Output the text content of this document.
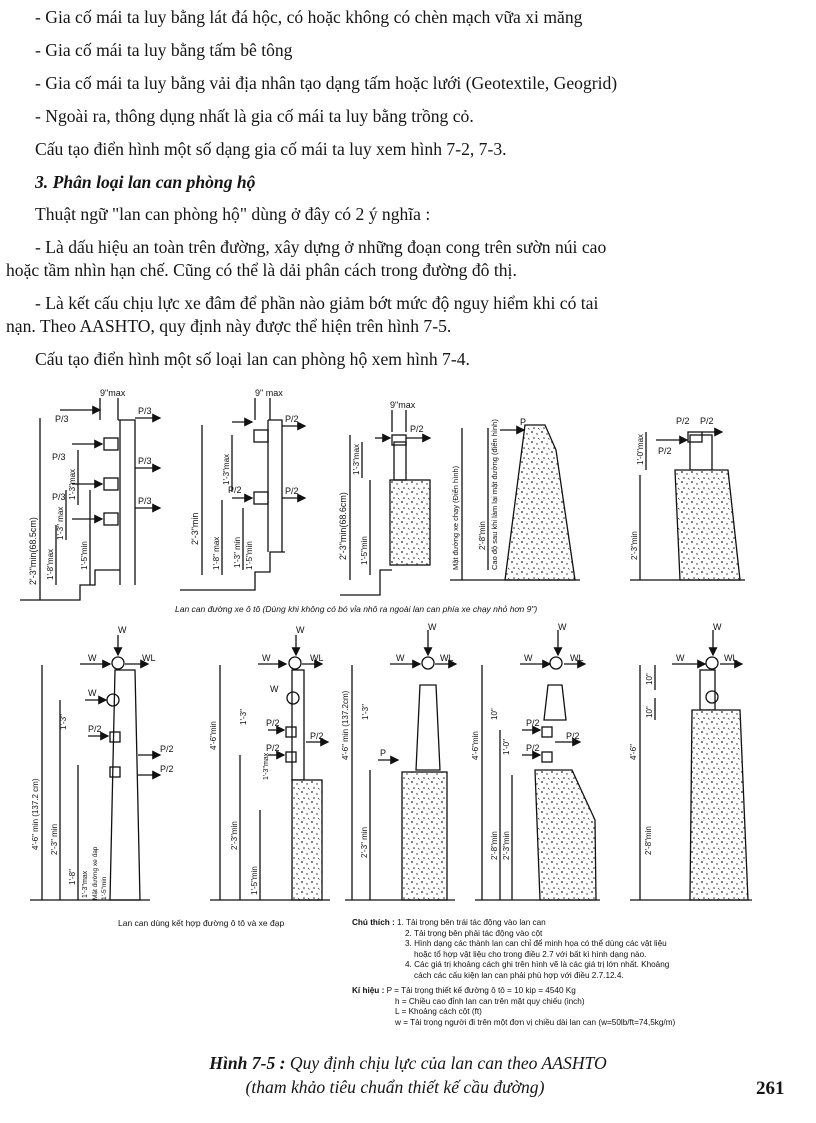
- Gia cố mái ta luy bằng lát đá hộc, có hoặc không có chèn mạch vữa xi măng

- Gia cố mái ta luy bằng tấm bê tông

- Gia cố mái ta luy bằng vải địa nhân tạo dạng tấm hoặc lưới (Geotextile, Geogrid)

- Ngoài ra, thông dụng nhất là gia cố mái ta luy bằng trồng cỏ.

Cấu tạo điển hình một số dạng gia cố mái ta luy xem hình 7-2, 7-3.

3. Phân loại lan can phòng hộ

Thuật ngữ "lan can phòng hộ" dùng ở đây có 2 ý nghĩa :

- Là dấu hiệu an toàn trên đường, xây dựng ở những đoạn cong trên sườn núi cao

hoặc tầm nhìn hạn chế. Cũng có thể là dải phân cách trong đường đô thị.

- Là kết cấu chịu lực xe đâm để phần nào giảm bớt mức độ nguy hiểm khi có tai

nạn. Theo AASHTO, quy định này được thể hiện trên hình 7-5.

Cấu tạo điển hình một số loại lan can phòng hộ xem hình 7-4.

P/3
P/3
P/3
P/3
P/3
P/3
9"max	9" max
9"max
P/2
P/2
P/2
P/2
P	P/2 P/2
P/2
2'-3"min(68.5cm) 1'-8"max
1'-3" max
1'-3"max
1'-5"min
2'-3"min
1'-3"max
1'-8" max 1'-3" min 1'-5"min	2'-3"min(68.6cm)
1'-3"max
1'-5"min	Mặt đường xe chạy (Điển hình) 2'-8"min Cao độ sau khi làm lại mặt đường (điển hình)	1'-0"max
2'-3"min
Lan can đường xe ô tô (Dùng khi không có bó vỉa nhô ra ngoài lan can phía xe chạy nhỏ hơn 9")
W
W	WL
W
P/2
P/2
P/2
4'-6" min (137.2 cm) 2'-3" min
1'-8" 1'-3"max
1'-3"
Mặt đường xe đạp 1'-5"min
W
W	WL
W
P/2
P/2
P/2
4'-6"min
2'-3"min
1'-5"min
1'-3"max
1'-3"
W
W	WL
P
4'-6" min (137.2cm)
2'-3" min
1'-3"
W
W	WL
P/2
P/2
P/2
4'-6"min
2'-8"min 2'-3"min
10"
1'-0"
W
W	WL
4'-6"
2'-8"min
10"
10"
Lan can dùng kết hợp đường ô tô và xe đạp	Chú thích : 1. Tải trọng bên trái tác động vào lan can

2. Tải trọng bên phải tác động vào cột

3. Hình dạng các thành lan can chỉ để minh họa có thể dùng các vật liệu

hoặc tổ hợp vật liệu cho trong điều 2.7 với bất kì hình dạng nào.

4. Các giá trị khoảng cách ghi trên hình vẽ là các giá trị lớn nhất. Khoảng

cách các cấu kiện lan can phải phù hợp với điều 2.7.12.4.

Kí hiệu : P = Tải trọng thiết kế đường ô tô = 10 kip = 4540 Kg

h = Chiều cao đỉnh lan can trên mặt quy chiếu (inch)

L = Khoảng cách cột (ft)

w = Tải trọng người đi trên một đơn vị chiều dài lan can (w=50lb/ft=74,5kg/m)

Hình 7-5 : Quy định chịu lực của lan can theo AASHTO

(tham khảo tiêu chuẩn thiết kế cầu đường)	261
